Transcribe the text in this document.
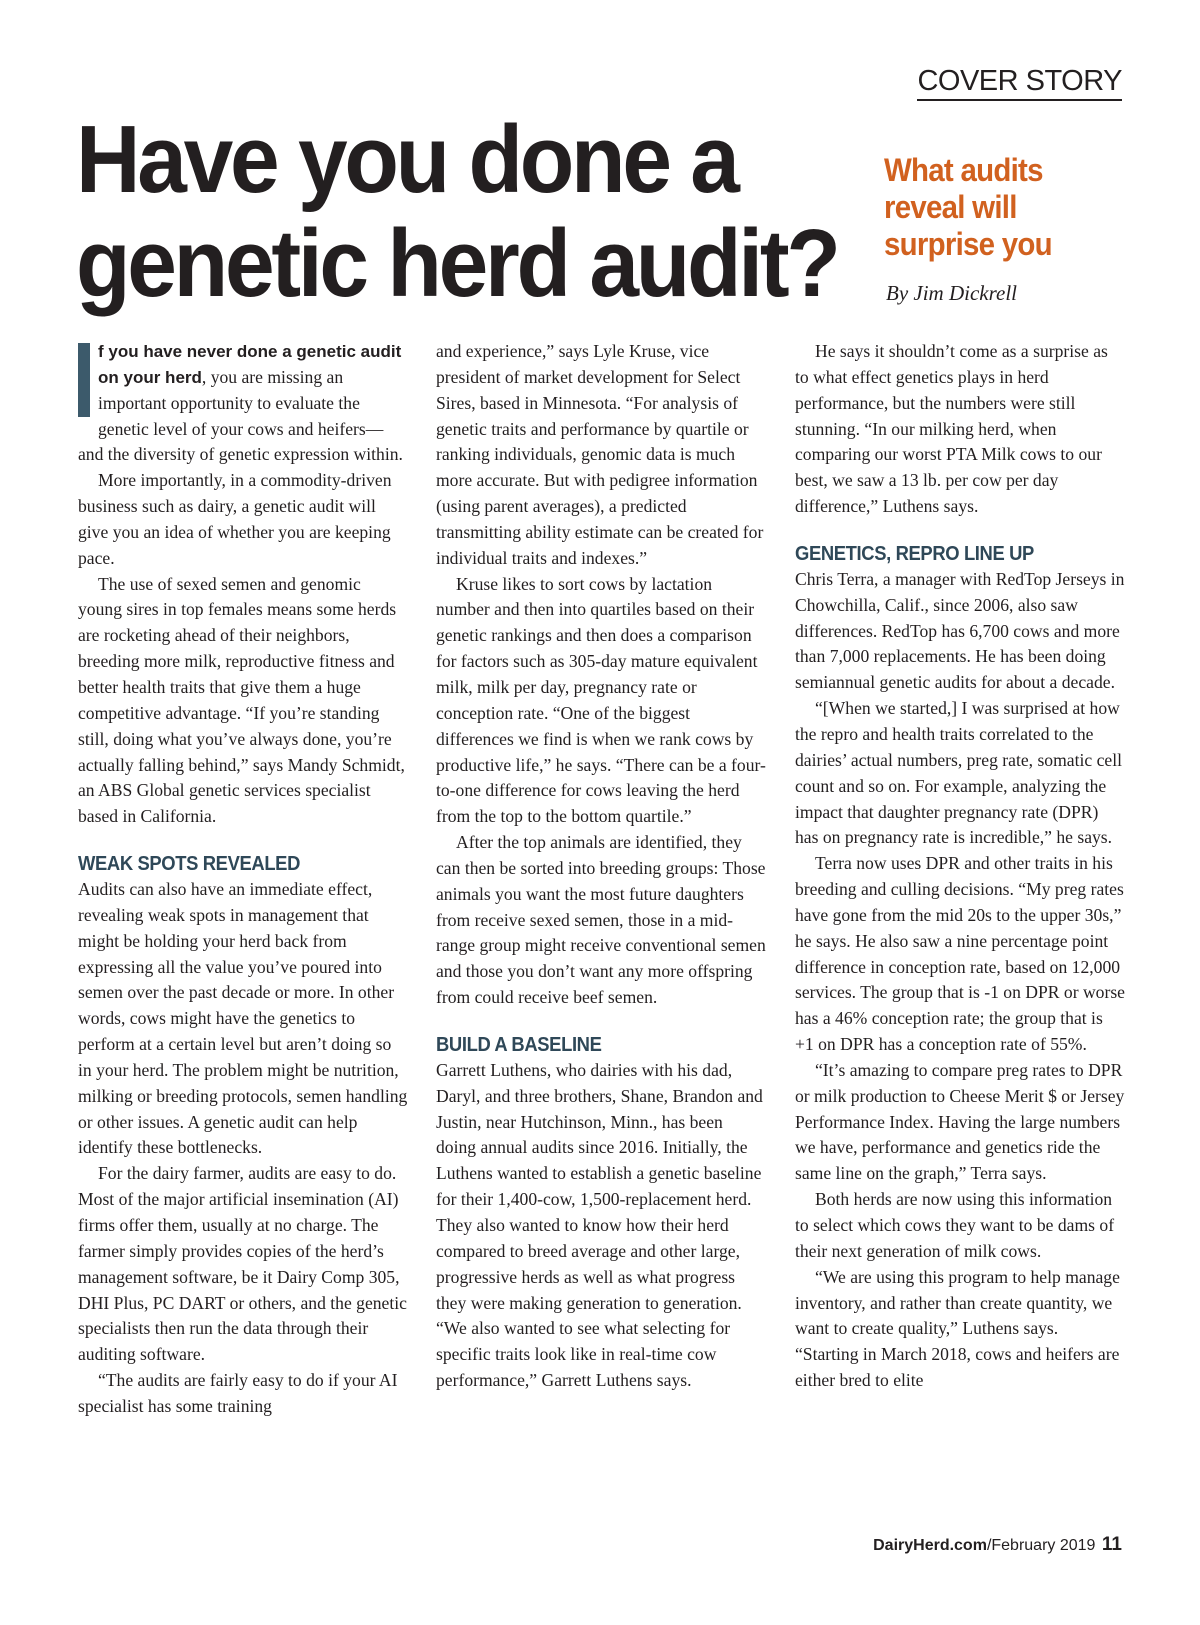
COVER STORY
Have you done a
genetic herd audit?
What audits
reveal will
surprise you
By Jim Dickrell

f you have never done a genetic audit on your herd, you are missing an important opportunity to evaluate the genetic level of your cows and heifers—and the diversity of genetic expression within.

More importantly, in a commodity-driven business such as dairy, a genetic audit will give you an idea of whether you are keeping pace.

The use of sexed semen and genomic young sires in top females means some herds are rocketing ahead of their neighbors, breeding more milk, reproductive fitness and better health traits that give them a huge competitive advantage. “If you’re standing still, doing what you’ve always done, you’re actually falling behind,” says Mandy Schmidt, an ABS Global genetic services specialist based in California.

WEAK SPOTS REVEALED

Audits can also have an immediate effect, revealing weak spots in management that might be holding your herd back from expressing all the value you’ve poured into semen over the past decade or more. In other words, cows might have the genetics to perform at a certain level but aren’t doing so in your herd. The problem might be nutrition, milking or breeding protocols, semen handling or other issues. A genetic audit can help identify these bottlenecks.

For the dairy farmer, audits are easy to do. Most of the major artificial insemination (AI) firms offer them, usually at no charge. The farmer simply provides copies of the herd’s management software, be it Dairy Comp 305, DHI Plus, PC DART or others, and the genetic specialists then run the data through their auditing software.

“The audits are fairly easy to do if your AI specialist has some training

and experience,” says Lyle Kruse, vice president of market development for Select Sires, based in Minnesota. “For analysis of genetic traits and performance by quartile or ranking individuals, genomic data is much more accurate. But with pedigree information (using parent averages), a predicted transmitting ability estimate can be created for individual traits and indexes.”

Kruse likes to sort cows by lactation number and then into quartiles based on their genetic rankings and then does a comparison for factors such as 305-day mature equivalent milk, milk per day, pregnancy rate or conception rate. “One of the biggest differences we find is when we rank cows by productive life,” he says. “There can be a four-to-one difference for cows leaving the herd from the top to the bottom quartile.”

After the top animals are identified, they can then be sorted into breeding groups: Those animals you want the most future daughters from receive sexed semen, those in a mid-range group might receive conventional semen and those you don’t want any more offspring from could receive beef semen.

BUILD A BASELINE

Garrett Luthens, who dairies with his dad, Daryl, and three brothers, Shane, Brandon and Justin, near Hutchinson, Minn., has been doing annual audits since 2016. Initially, the Luthens wanted to establish a genetic baseline for their 1,400-cow, 1,500-replacement herd. They also wanted to know how their herd compared to breed average and other large, progressive herds as well as what progress they were making generation to generation. “We also wanted to see what selecting for specific traits look like in real-time cow performance,” Garrett Luthens says.

He says it shouldn’t come as a surprise as to what effect genetics plays in herd performance, but the numbers were still stunning. “In our milking herd, when comparing our worst PTA Milk cows to our best, we saw a 13 lb. per cow per day difference,” Luthens says.

GENETICS, REPRO LINE UP

Chris Terra, a manager with RedTop Jerseys in Chowchilla, Calif., since 2006, also saw differences. RedTop has 6,700 cows and more than 7,000 replacements. He has been doing semiannual genetic audits for about a decade.

“[When we started,] I was surprised at how the repro and health traits correlated to the dairies’ actual numbers, preg rate, somatic cell count and so on. For example, analyzing the impact that daughter pregnancy rate (DPR) has on pregnancy rate is incredible,” he says.

Terra now uses DPR and other traits in his breeding and culling decisions. “My preg rates have gone from the mid 20s to the upper 30s,” he says. He also saw a nine percentage point difference in conception rate, based on 12,000 services. The group that is -1 on DPR or worse has a 46% conception rate; the group that is +1 on DPR has a conception rate of 55%.

“It’s amazing to compare preg rates to DPR or milk production to Cheese Merit $ or Jersey Performance Index. Having the large numbers we have, performance and genetics ride the same line on the graph,” Terra says.

Both herds are now using this information to select which cows they want to be dams of their next generation of milk cows.

“We are using this program to help manage inventory, and rather than create quantity, we want to create quality,” Luthens says. “Starting in March 2018, cows and heifers are either bred to elite

DairyHerd.com/February 2019 11
